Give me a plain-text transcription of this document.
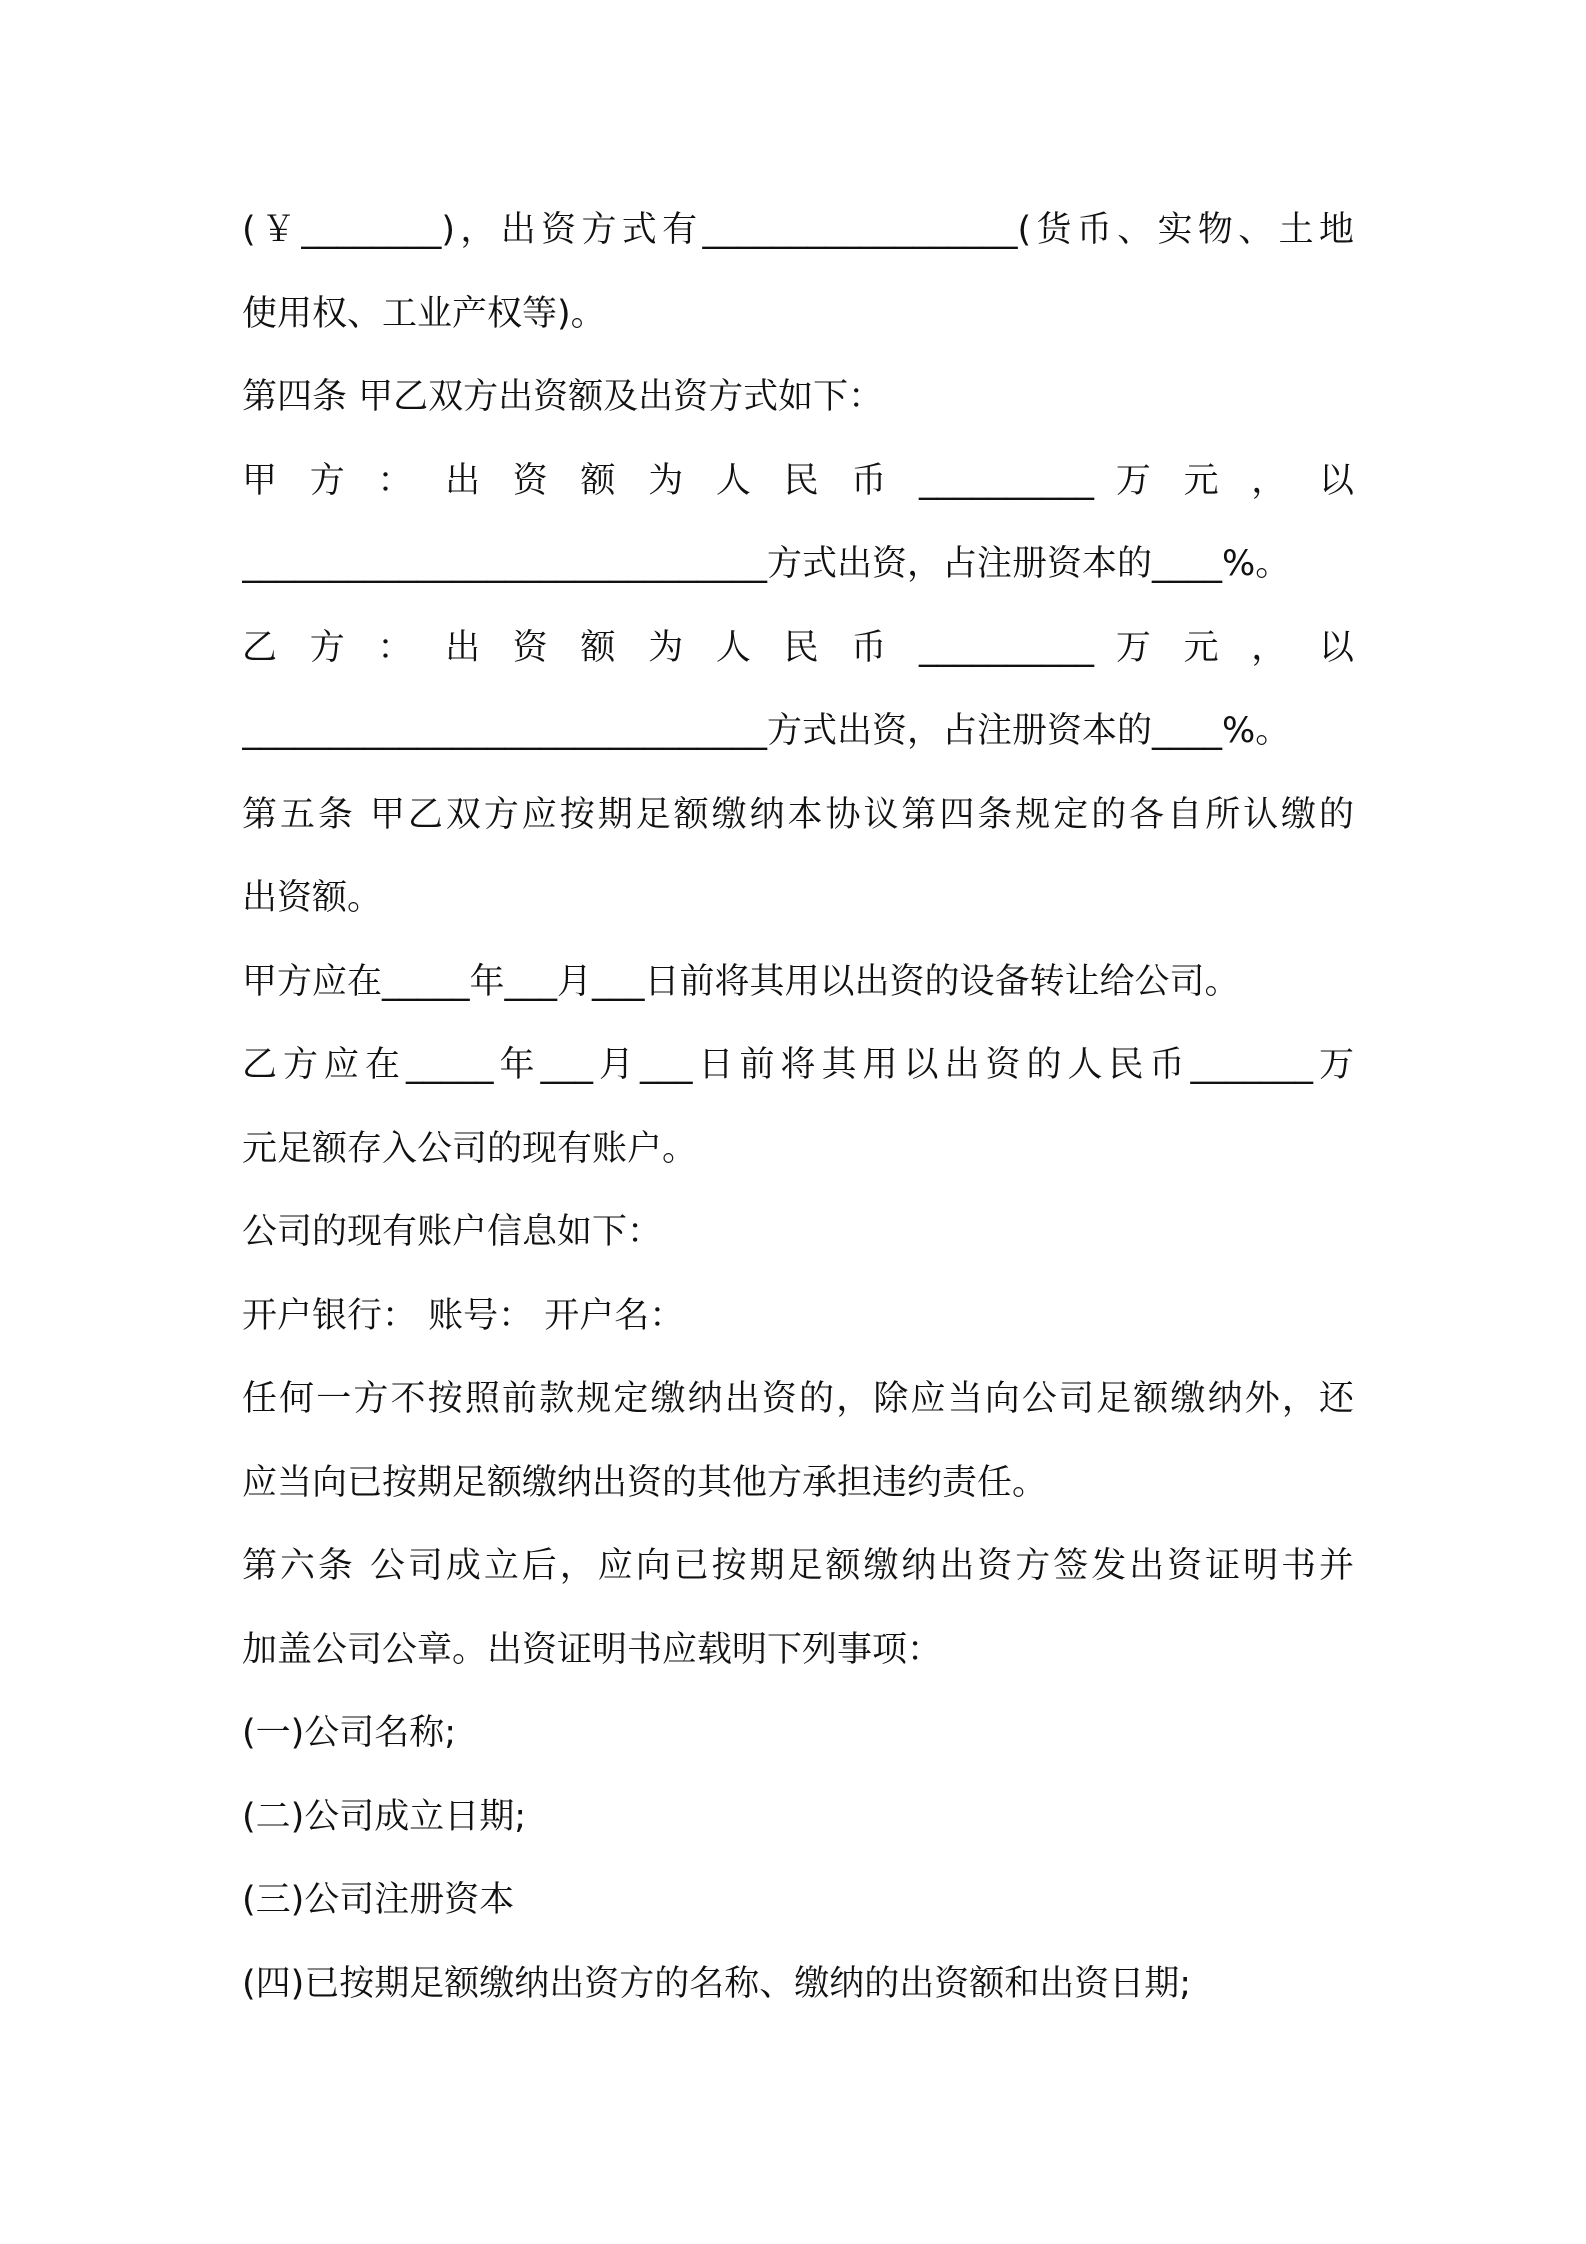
(￥________)，出资方式有__________________(货币、实物、土地
使用权、工业产权等)。
第四条 甲乙双方出资额及出资方式如下：
甲 方 ： 出 资 额 为 人 民 币 __________ 万 元 ， 以
______________________________方式出资，占注册资本的____%。
乙 方 ： 出 资 额 为 人 民 币 __________ 万 元 ， 以
______________________________方式出资，占注册资本的____%。
第五条 甲乙双方应按期足额缴纳本协议第四条规定的各自所认缴的
出资额。
甲方应在_____年___月___日前将其用以出资的设备转让给公司。
乙方应在_____年___月___日前将其用以出资的人民币_______万
元足额存入公司的现有账户。
公司的现有账户信息如下：
开户银行： 账号： 开户名：
任何一方不按照前款规定缴纳出资的，除应当向公司足额缴纳外，还
应当向已按期足额缴纳出资的其他方承担违约责任。
第六条 公司成立后，应向已按期足额缴纳出资方签发出资证明书并
加盖公司公章。出资证明书应载明下列事项：
(一)公司名称;
(二)公司成立日期;
(三)公司注册资本
(四)已按期足额缴纳出资方的名称、缴纳的出资额和出资日期;
